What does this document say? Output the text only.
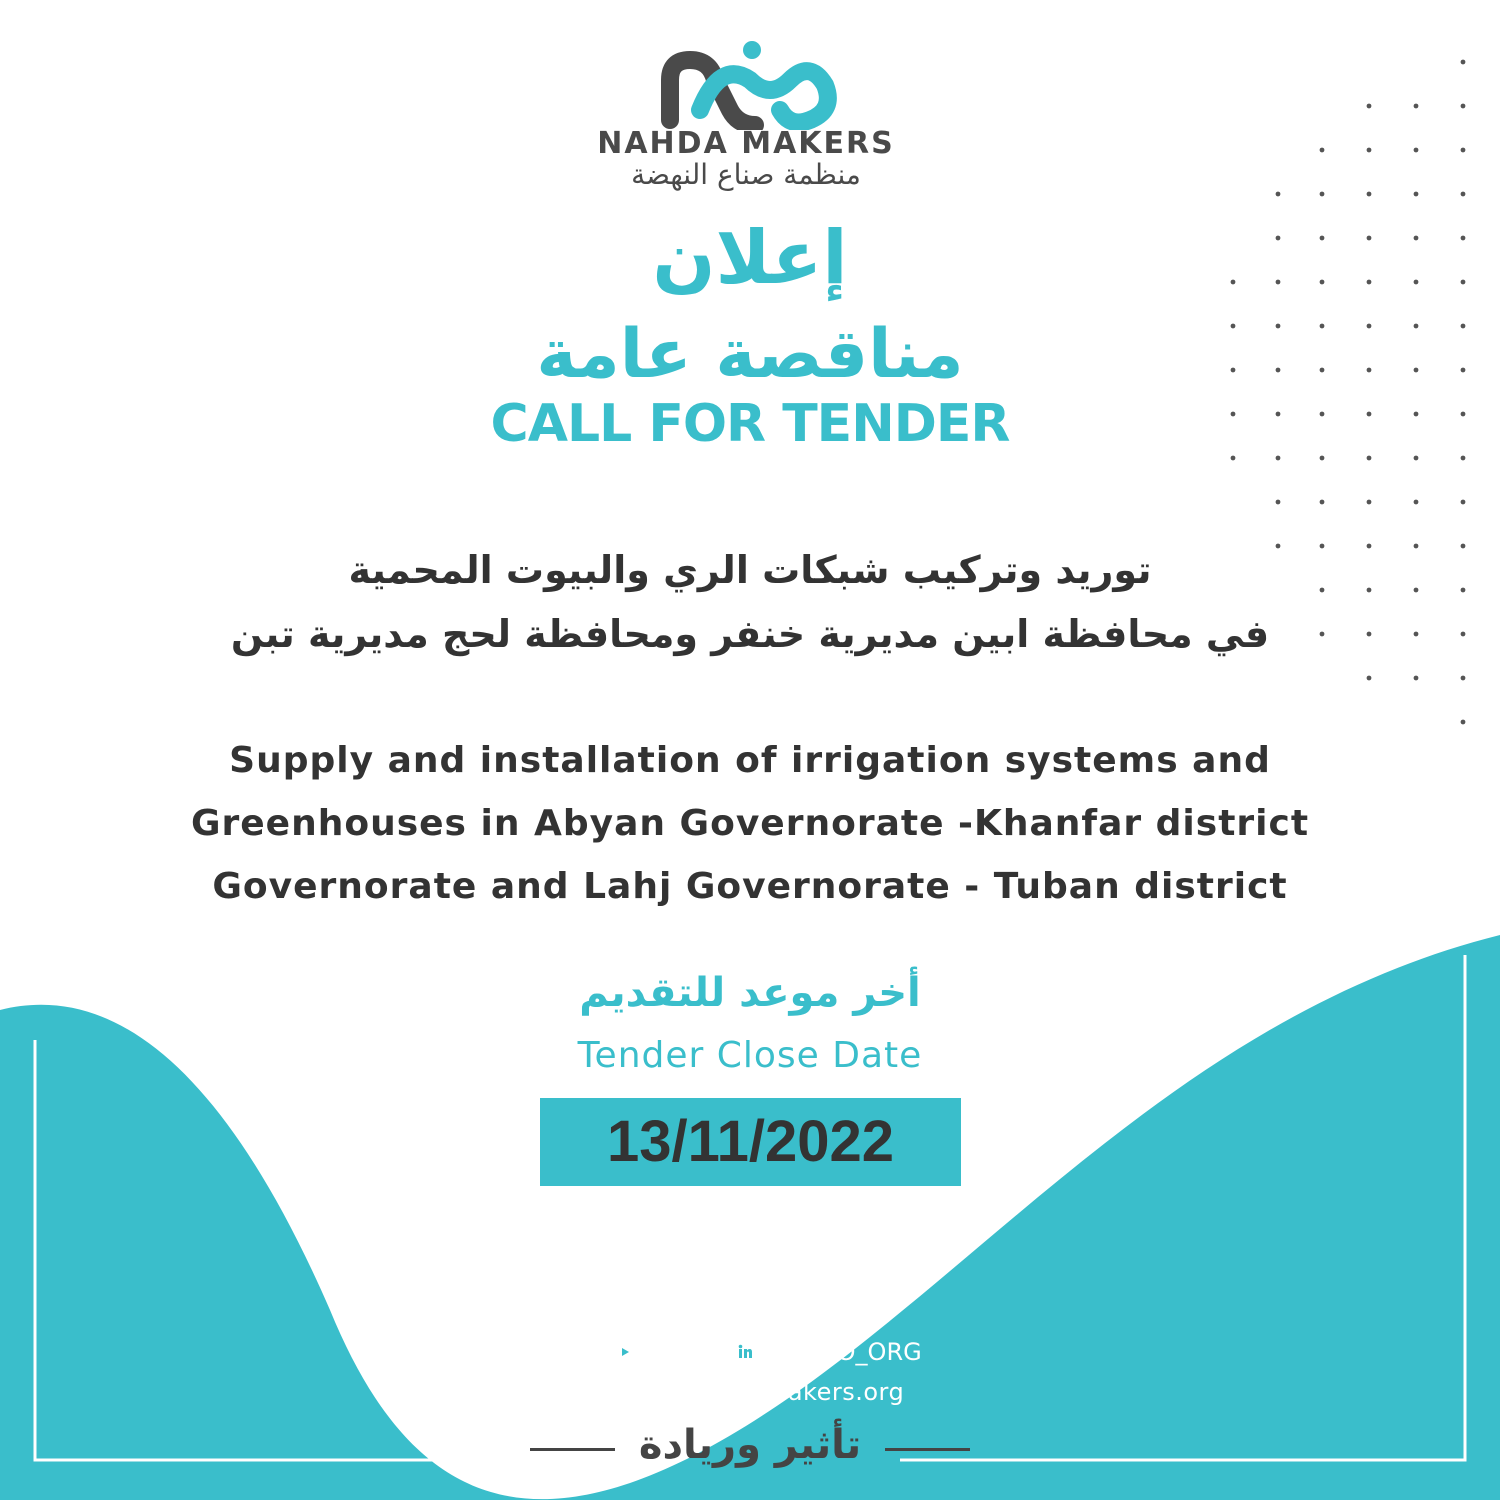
NAHDA MAKERS
منظمة صناع النهضة
إعلان
مناقصة عامة
CALL FOR TENDER
توريد وتركيب شبكات الري والبيوت المحمية
في محافظة ابين مديرية خنفر ومحافظة لحج مديرية تبن
Supply and installation of irrigation systems and
Greenhouses in Abyan Governorate -Khanfar district
Governorate and Lahj Governorate - Tuban district
أخر موعد للتقديم
Tender Close Date
13/11/2022
@NMO_ORG
www.NahdaMakers.org
تأثير وريادة
